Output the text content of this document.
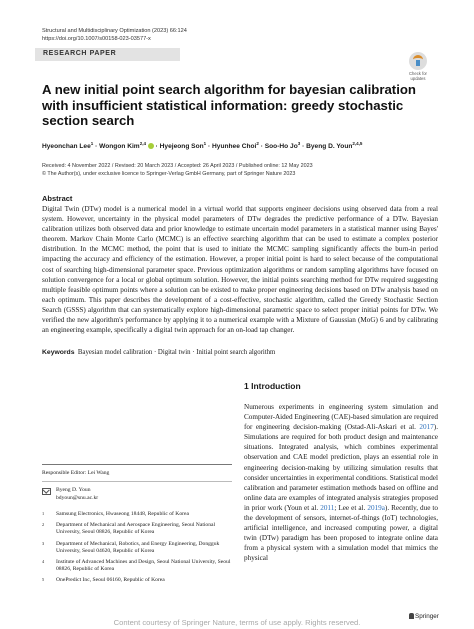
Structural and Multidisciplinary Optimization (2023) 66:124
https://doi.org/10.1007/s00158-023-03577-x
RESEARCH PAPER
Check for updates
A new initial point search algorithm for bayesian calibration with insufficient statistical information: greedy stochastic section search
Hyeonchan Lee$^1$ · Wongon Kim$^{2,4}$  · Hyejeong Son$^1$ · Hyunhee Choi$^2$ · Soo-Ho $Jo^3$ · Byeng D. Youn$^{2,4,5}$
Received: 4 November 2022 / Revised: 20 March 2023 / Accepted: 26 April 2023 / Published online: 12 May 2023
© The Author(s), under exclusive licence to Springer-Verlag GmbH Germany, part of Springer Nature 2023
Abstract
Digital Twin (DTw) model is a numerical model in a virtual world that supports engineer decisions using observed data from a real system. However, uncertainty in the physical model parameters of DTw degrades the predictive performance of a DTw. Bayesian calibration utilizes both observed data and prior knowledge to estimate uncertain model parameters in a statistical manner using Bayes' theorem. Markov Chain Monte Carlo (MCMC) is an effective searching algorithm that can be used to estimate a complex posterior distribution. In the MCMC method, the point that is used to initiate the MCMC sampling significantly affects the burn-in period impacting the accuracy and efficiency of the estimation. However, a proper initial point is hard to select because of the computational cost of searching high-dimensional parameter space. Previous optimization algorithms or random sampling algorithms have focused on solution convergence for a local or global optimum solution. However, the initial points searching method for DTw required suggesting multiple feasible optimum points where a solution can be existed to make proper engineering decisions based on DTw analysis based on each optimum. This paper describes the development of a cost-effective, stochastic algorithm, called the Greedy Stochastic Section Search (GSSS) algorithm that can systematically explore high-dimensional parametric space to select proper initial points for DTw. We verified the new algorithm's performance by applying it to a numerical example with a Mixture of Gaussian (MoG) 6 and by calibrating an engineering example, specifically a digital twin approach for an on-load tap changer.
Keywords Bayesian model calibration · Digital twin · Initial point search algorithm
1 Introduction
Numerous experiments in engineering system simulation and Computer-Aided Engineering (CAE)-based simulation are required for engineering decision-making (Ostad-Ali-Askari et al. 2017). Simulations are required for both product design and maintenance situations. Integrated analysis, which combines experimental observation and CAE model prediction, plays an essential role in engineering decision-making by utilizing simulation results that consider uncertainties in experimental conditions. Statistical model calibration and parameter estimation methods based on offline and online data are examples of integrated analysis strategies proposed in prior work (Youn et al. 2011; Lee et al. 2019a). Recently, due to the development of sensors, internet-of-things (IoT) technologies, artificial intelligence, and increased computing power, a digital twin (DTw) paradigm has been proposed to integrate online data from a physical system with a simulation model that mimics the physical
Responsible Editor: Lei Wang
Byeng D. Youn
bdyoun@snu.ac.kr
1 Samsung Electronics, Hwaseong 18448, Republic of Korea
2 Department of Mechanical and Aerospace Engineering, Seoul National University, Seoul 08826, Republic of Korea
3 Department of Mechanical, Robotics, and Energy Engineering, Dongguk University, Seoul 04620, Republic of Korea
4 Institute of Advanced Machines and Design, Seoul National University, Seoul 08826, Republic of Korea
5 OnePredict Inc, Seoul 06160, Republic of Korea
Springer
Content courtesy of Springer Nature, terms of use apply. Rights reserved.
